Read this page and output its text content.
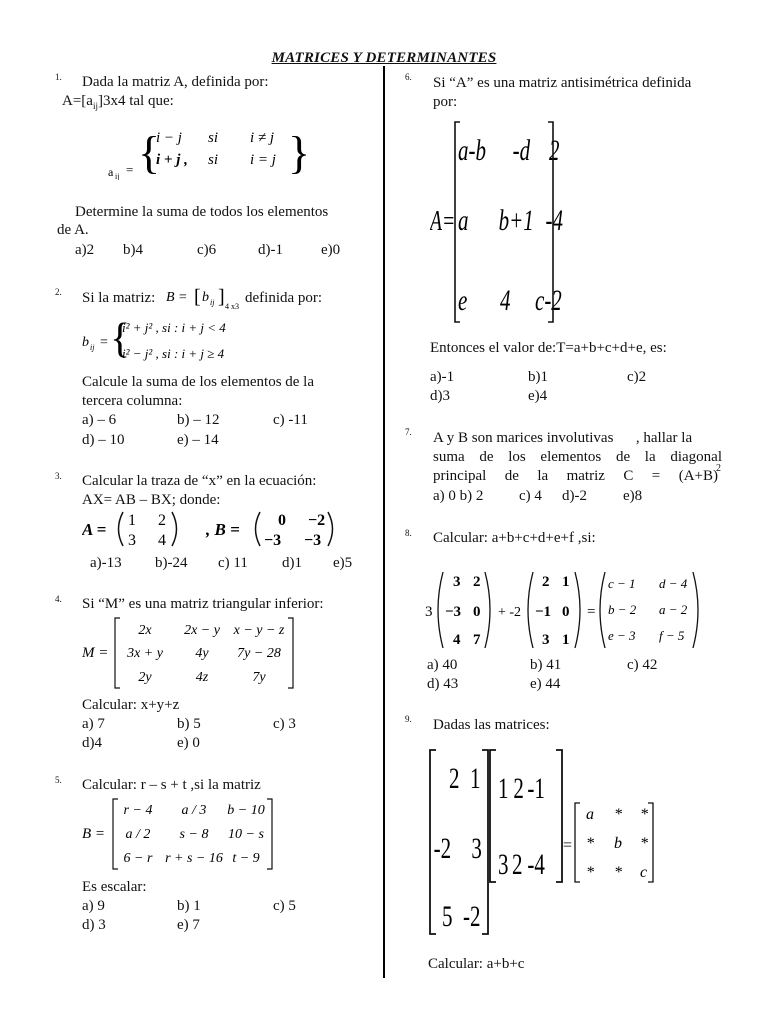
MATRICES Y DETERMINANTES
1. Dada la matriz A, definida por:
$A=[a_{ij}]3x4$ tal que:
a ij = {
i − j si i ≠ j
i + j , si i = j }
Determine la suma de todos los elementos
de A.
a)2 b)4	c)6	d)-1	e)0
2. Si la matriz: B = [ b ij ] 4 x3
definida por:
b ij = {
i² + j² , si : i + j < 4
i² − j² , si : i + j ≥ 4
Calcule la suma de los elementos de la
tercera columna:
a) – 6	b) – 12	c) -11
d) – 10	e) – 14
3. Calcular la traza de “x” en la ecuación:
AX= AB – BX; donde:
A = 1 2
3 4
, B = 0 −2
−3 −3
a)-13 b)-24 c) 11 d)1 e)5
4. Si “M” es una matriz triangular inferior:
M =
2x 2x − y x − y − z
3x + y 4y 7y − 28
2y	4z	7y
Calcular: x+y+z
a) 7	b) 5	c) 3
d)4	e) 0
5. Calcular: r – s + t ,si la matriz
B =
r − 4 a / 3 b − 10
a / 2 s − 8 10 − s
6 − r r + s − 16 t − 9
Es escalar:
a) 9	b) 1	c) 5
d) 3	e) 7
6. Si “A” es una matriz antisimétrica definida
por:
A=
a-b -d 2
a b+1 -4
e 4 c-2
Entonces el valor de:T=a+b+c+d+e, es:
a)-1	b)1	c)2
d)3	e)4
7. A y B son marices involutivas      , hallar la
suma de los elementos de la diagonal
principal de la matriz C = (A+B)
2
a) 0 b) 2 c) 4 d)-2 e)8
8. Calcular: a+b+c+d+e+f ,si:
3
3 2
−3 0
4 7
+ -2
2 1
−1 0
3 1
=
c − 1 d − 4
b − 2 a − 2
e − 3 f − 5
a) 40	b) 41	c) 42
d) 43	e) 44
9. Dadas las matrices:
2 1
-2 3
5 -2
1 2 -1
3 2 -4
=
a * *
* b *
* * c
Calcular: a+b+c
